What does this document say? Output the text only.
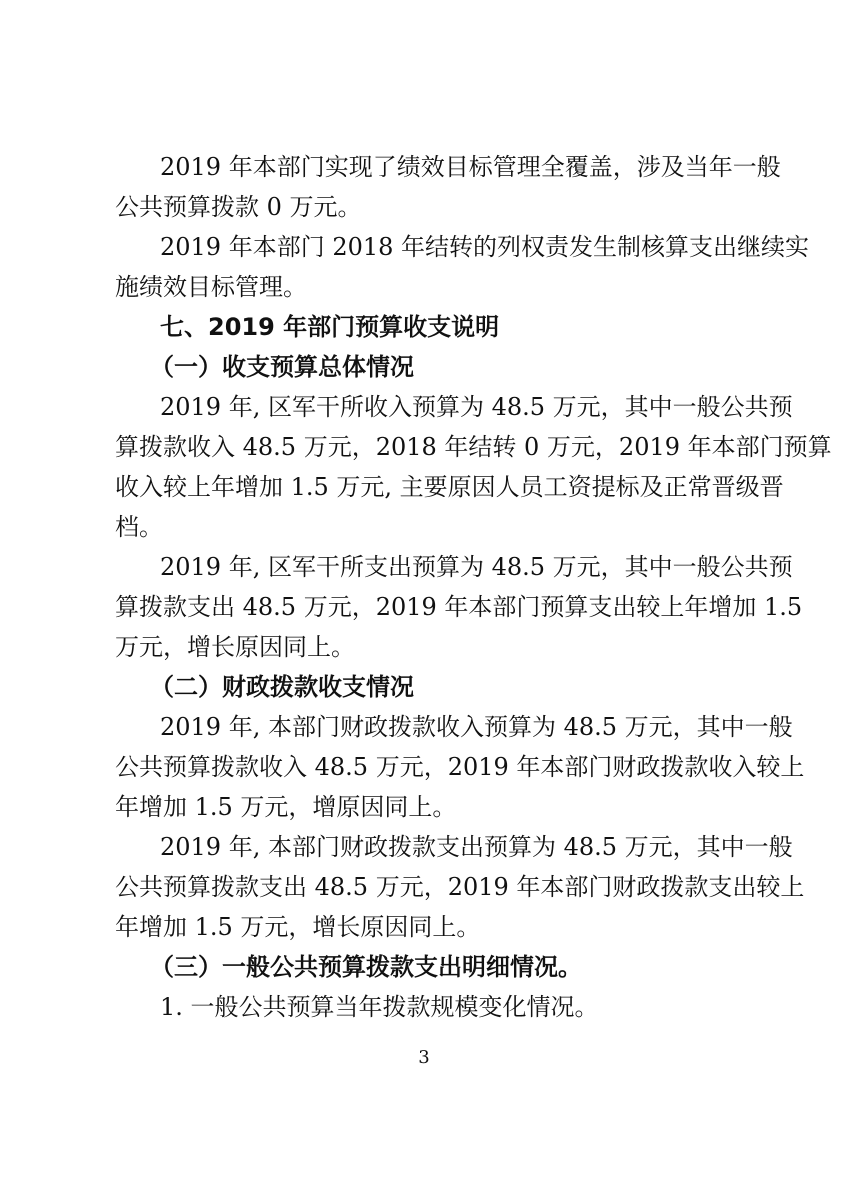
2019 年本部门实现了绩效目标管理全覆盖，涉及当年一般
公共预算拨款 0 万元。
2019 年本部门 2018 年结转的列权责发生制核算支出继续实
施绩效目标管理。
七、2019 年部门预算收支说明
（一）收支预算总体情况
2019 年, 区军干所收入预算为 48.5 万元，其中一般公共预
算拨款收入 48.5 万元，2018 年结转 0 万元，2019 年本部门预算
收入较上年增加 1.5 万元, 主要原因人员工资提标及正常晋级晋
档。
2019 年, 区军干所支出预算为 48.5 万元，其中一般公共预
算拨款支出 48.5 万元，2019 年本部门预算支出较上年增加 1.5
万元，增长原因同上。
（二）财政拨款收支情况
2019 年, 本部门财政拨款收入预算为 48.5 万元，其中一般
公共预算拨款收入 48.5 万元，2019 年本部门财政拨款收入较上
年增加 1.5 万元，增原因同上。
2019 年, 本部门财政拨款支出预算为 48.5 万元，其中一般
公共预算拨款支出 48.5 万元，2019 年本部门财政拨款支出较上
年增加 1.5 万元，增长原因同上。
（三）一般公共预算拨款支出明细情况。
1. 一般公共预算当年拨款规模变化情况。
3
